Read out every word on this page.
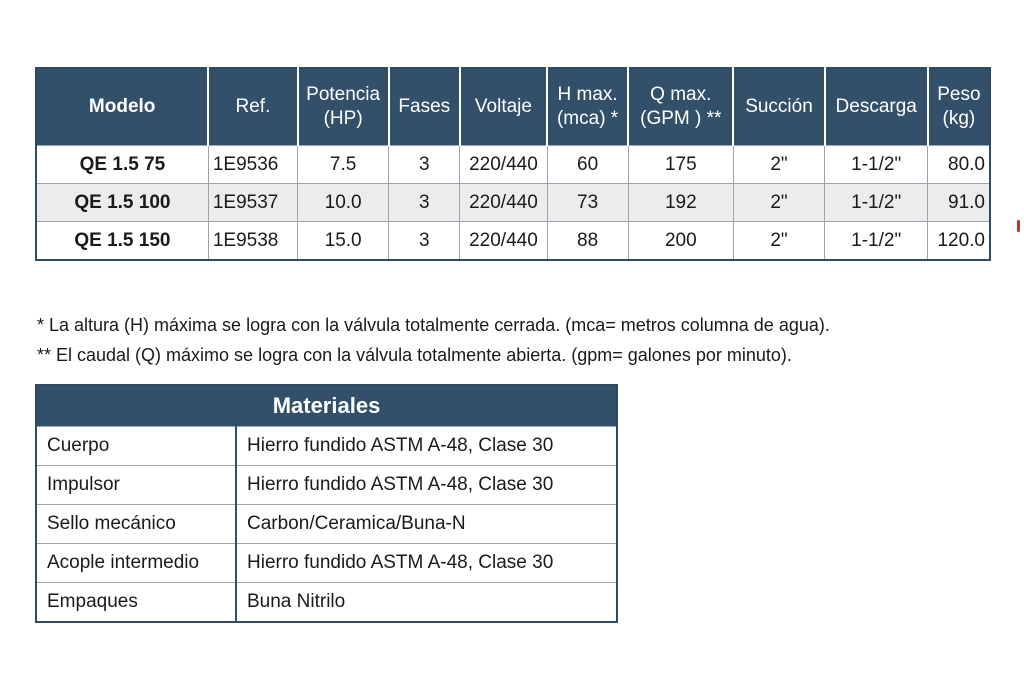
Modelo	Ref.	Potencia (HP)	Fases	Voltaje	H max. (mca) *	Q max. (GPM ) **	Succión	Descarga	Peso (kg)
QE 1.5 75	1E9536	7.5	3	220/440	60	175	2"	1-1/2"	80.0
QE 1.5 100	1E9537	10.0	3	220/440	73	192	2"	1-1/2"	91.0
QE 1.5 150	1E9538	15.0	3	220/440	88	200	2"	1-1/2"	120.0

* La altura (H) máxima se logra con la válvula totalmente cerrada. (mca= metros columna de agua).

** El caudal (Q) máximo se logra con la válvula totalmente abierta. (gpm= galones por minuto).

Materiales	
Cuerpo	Hierro fundido ASTM A-48, Clase 30
Impulsor	Hierro fundido ASTM A-48, Clase 30
Sello mecánico	Carbon/Ceramica/Buna-N
Acople intermedio	Hierro fundido ASTM A-48, Clase 30
Empaques	Buna Nitrilo
